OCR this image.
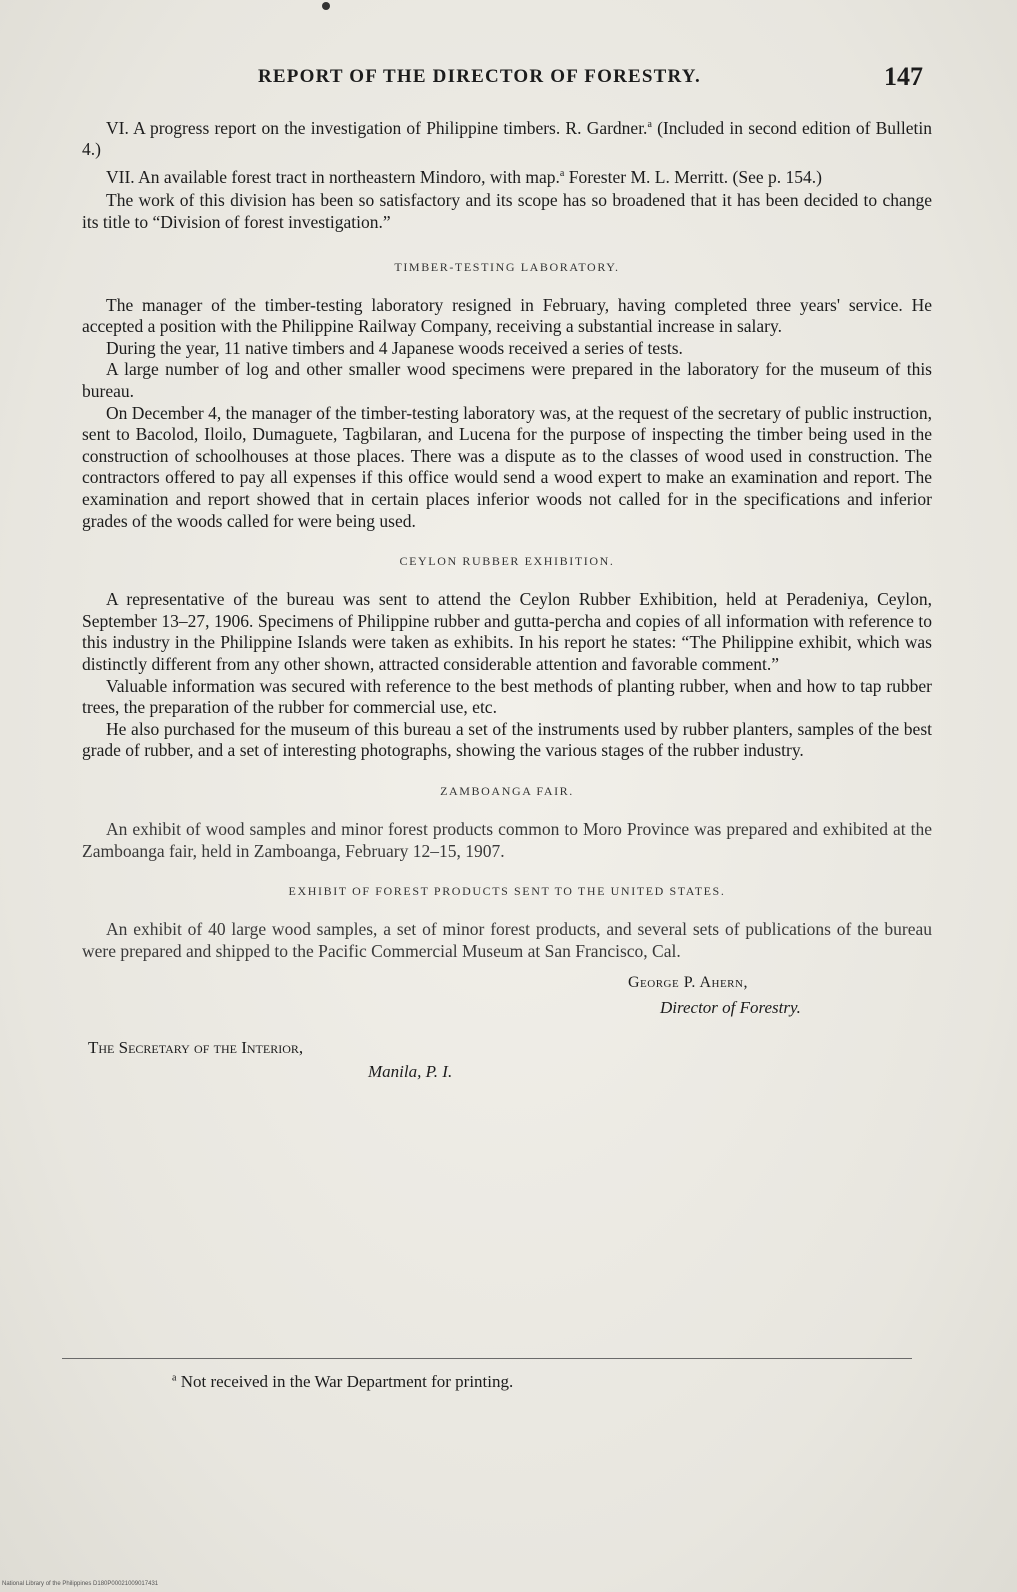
REPORT OF THE DIRECTOR OF FORESTRY.	147

VI. A progress report on the investigation of Philippine timbers. R. Gardner.$^a$ (Included in second edition of Bulletin 4.)

VII. An available forest tract in northeastern Mindoro, with map.$^a$ Forester M. L. Merritt. (See p. 154.)

The work of this division has been so satisfactory and its scope has so broadened that it has been decided to change its title to “Division of forest investigation.”

TIMBER-TESTING LABORATORY.

The manager of the timber-testing laboratory resigned in February, having completed three years' service. He accepted a position with the Philippine Railway Company, receiving a substantial increase in salary.

During the year, 11 native timbers and 4 Japanese woods received a series of tests.

A large number of log and other smaller wood specimens were prepared in the laboratory for the museum of this bureau.

On December 4, the manager of the timber-testing laboratory was, at the request of the secretary of public instruction, sent to Bacolod, Iloilo, Dumaguete, Tagbilaran, and Lucena for the purpose of inspecting the timber being used in the construction of schoolhouses at those places. There was a dispute as to the classes of wood used in construction. The contractors offered to pay all expenses if this office would send a wood expert to make an examination and report. The examination and report showed that in certain places inferior woods not called for in the specifications and inferior grades of the woods called for were being used.

CEYLON RUBBER EXHIBITION.

A representative of the bureau was sent to attend the Ceylon Rubber Exhibition, held at Peradeniya, Ceylon, September 13–27, 1906. Specimens of Philippine rubber and gutta-percha and copies of all information with reference to this industry in the Philippine Islands were taken as exhibits. In his report he states: “The Philippine exhibit, which was distinctly different from any other shown, attracted considerable attention and favorable comment.”

Valuable information was secured with reference to the best methods of planting rubber, when and how to tap rubber trees, the preparation of the rubber for commercial use, etc.

He also purchased for the museum of this bureau a set of the instruments used by rubber planters, samples of the best grade of rubber, and a set of interesting photographs, showing the various stages of the rubber industry.

ZAMBOANGA FAIR.

An exhibit of wood samples and minor forest products common to Moro Province was prepared and exhibited at the Zamboanga fair, held in Zamboanga, February 12–15, 1907.

EXHIBIT OF FOREST PRODUCTS SENT TO THE UNITED STATES.

An exhibit of 40 large wood samples, a set of minor forest products, and several sets of publications of the bureau were prepared and shipped to the Pacific Commercial Museum at San Francisco, Cal.

George P. Ahern,
Director of Forestry.
The Secretary of the Interior,
Manila, P. I.
$^a$ Not received in the War Department for printing.
National Library of the Philippines D180P00021009017431
